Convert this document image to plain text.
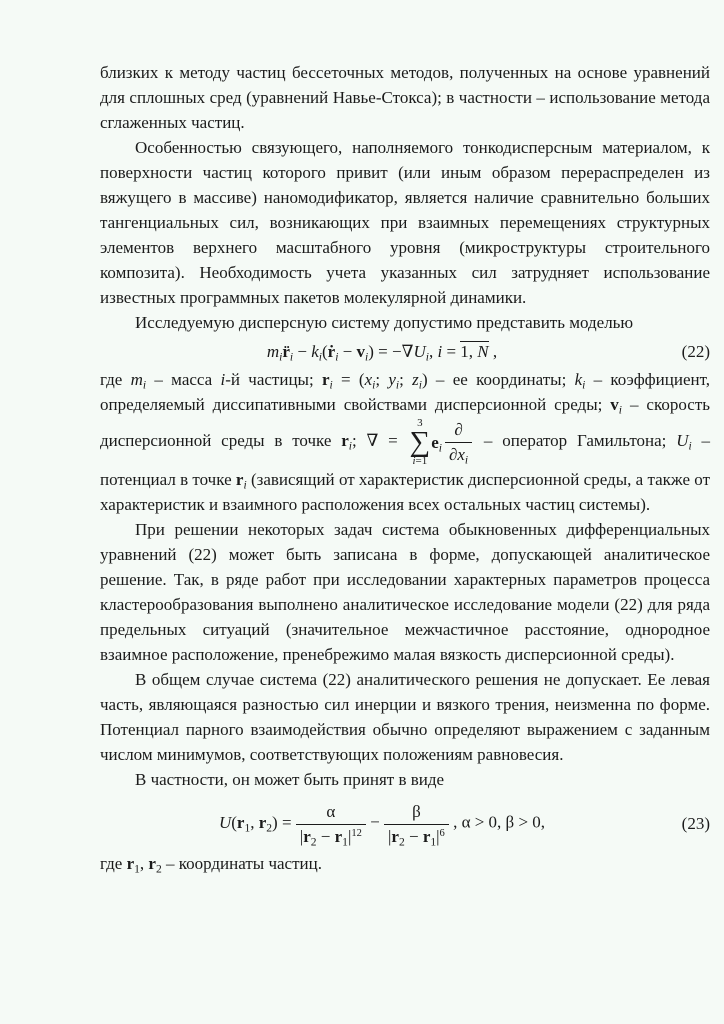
близких к методу частиц бессеточных методов, полученных на основе уравнений для сплошных сред (уравнений Навье-Стокса); в частности – использование метода сглаженных частиц.

Особенностью связующего, наполняемого тонкодисперсным материалом, к поверхности частиц которого привит (или иным образом перераспределен из вяжущего в массиве) наномодификатор, является наличие сравнительно больших тангенциальных сил, возникающих при взаимных перемещениях структурных элементов верхнего масштабного уровня (микроструктуры строительного композита). Необходимость учета указанных сил затрудняет использование известных программных пакетов молекулярной динамики.

Исследуемую дисперсную систему допустимо представить моделью

$m_ir̈_i$ − $k_i(ṙ_i - v_i) = -\nabla U_i$, i = 1, N ,	(22)

где $m_i$ – масса i-й частицы; $r_i = (x_i$; $y_i$; $z_i$) – ее координаты; $k_i$ – коэффициент, определяемый диссипативными свойствами дисперсионной среды; $v_i$ – скорость дисперсионной среды в точке $r_i$; ∇ =
3
∑
i=1
$e_i \frac{\partial}{\partial x_i}$ – оператор Гамильтона; $U_i$ – потенциал в точке $r_i$ (зависящий от характеристик дисперсионной среды, а также от характеристик и взаимного расположения всех остальных частиц системы).

При решении некоторых задач система обыкновенных дифференциальных уравнений (22) может быть записана в форме, допускающей аналитическое решение. Так, в ряде работ при исследовании характерных параметров процесса кластерообразования выполнено аналитическое исследование модели (22) для ряда предельных ситуаций (значительное межчастичное расстояние, однородное взаимное расположение, пренебрежимо малая вязкость дисперсионной среды).

В общем случае система (22) аналитического решения не допускает. Ее левая часть, являющаяся разностью сил инерции и вязкого трения, неизменна по форме. Потенциал парного взаимодействия обычно определяют выражением с заданным числом минимумов, соответствующих положениям равновесия.

В частности, он может быть принят в виде

$U(r_1$, $r_2) = \frac{\alpha}{|r_2 - r_1|^{12}} - \frac{\beta}{|r_2 - r_1|^6}$ , α > 0, β > 0,	(23)

где $r_1$, $r_2$ – координаты частиц.
